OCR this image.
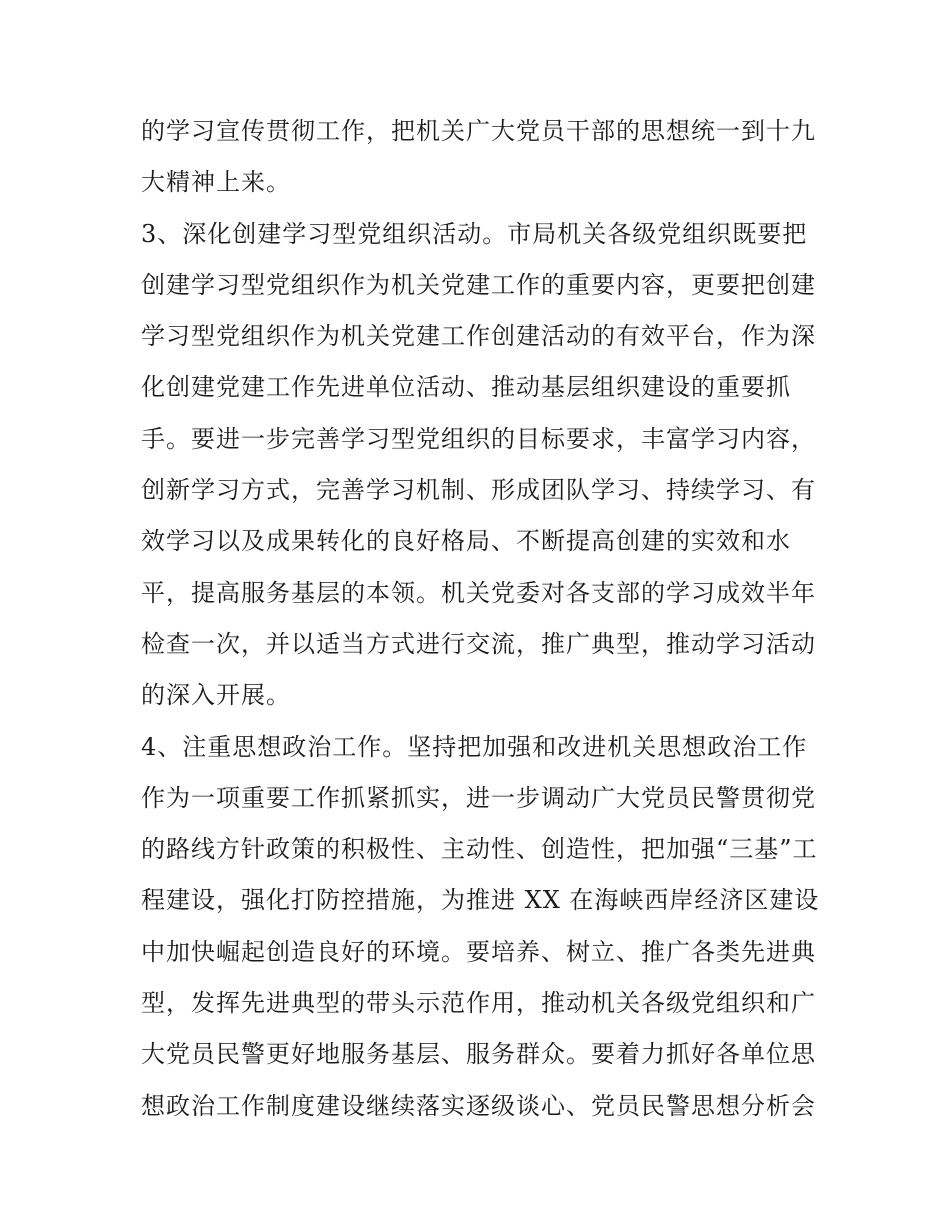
的学习宣传贯彻工作，把机关广大党员干部的思想统一到十九
大精神上来。
3、深化创建学习型党组织活动。市局机关各级党组织既要把
创建学习型党组织作为机关党建工作的重要内容，更要把创建
学习型党组织作为机关党建工作创建活动的有效平台，作为深
化创建党建工作先进单位活动、推动基层组织建设的重要抓
手。要进一步完善学习型党组织的目标要求，丰富学习内容，
创新学习方式，完善学习机制、形成团队学习、持续学习、有
效学习以及成果转化的良好格局、不断提高创建的实效和水
平，提高服务基层的本领。机关党委对各支部的学习成效半年
检查一次，并以适当方式进行交流，推广典型，推动学习活动
的深入开展。
4、注重思想政治工作。坚持把加强和改进机关思想政治工作
作为一项重要工作抓紧抓实，进一步调动广大党员民警贯彻党
的路线方针政策的积极性、主动性、创造性，把加强“三基”工
程建设，强化打防控措施，为推进 XX 在海峡西岸经济区建设
中加快崛起创造良好的环境。要培养、树立、推广各类先进典
型，发挥先进典型的带头示范作用，推动机关各级党组织和广
大党员民警更好地服务基层、服务群众。要着力抓好各单位思
想政治工作制度建设继续落实逐级谈心、党员民警思想分析会
